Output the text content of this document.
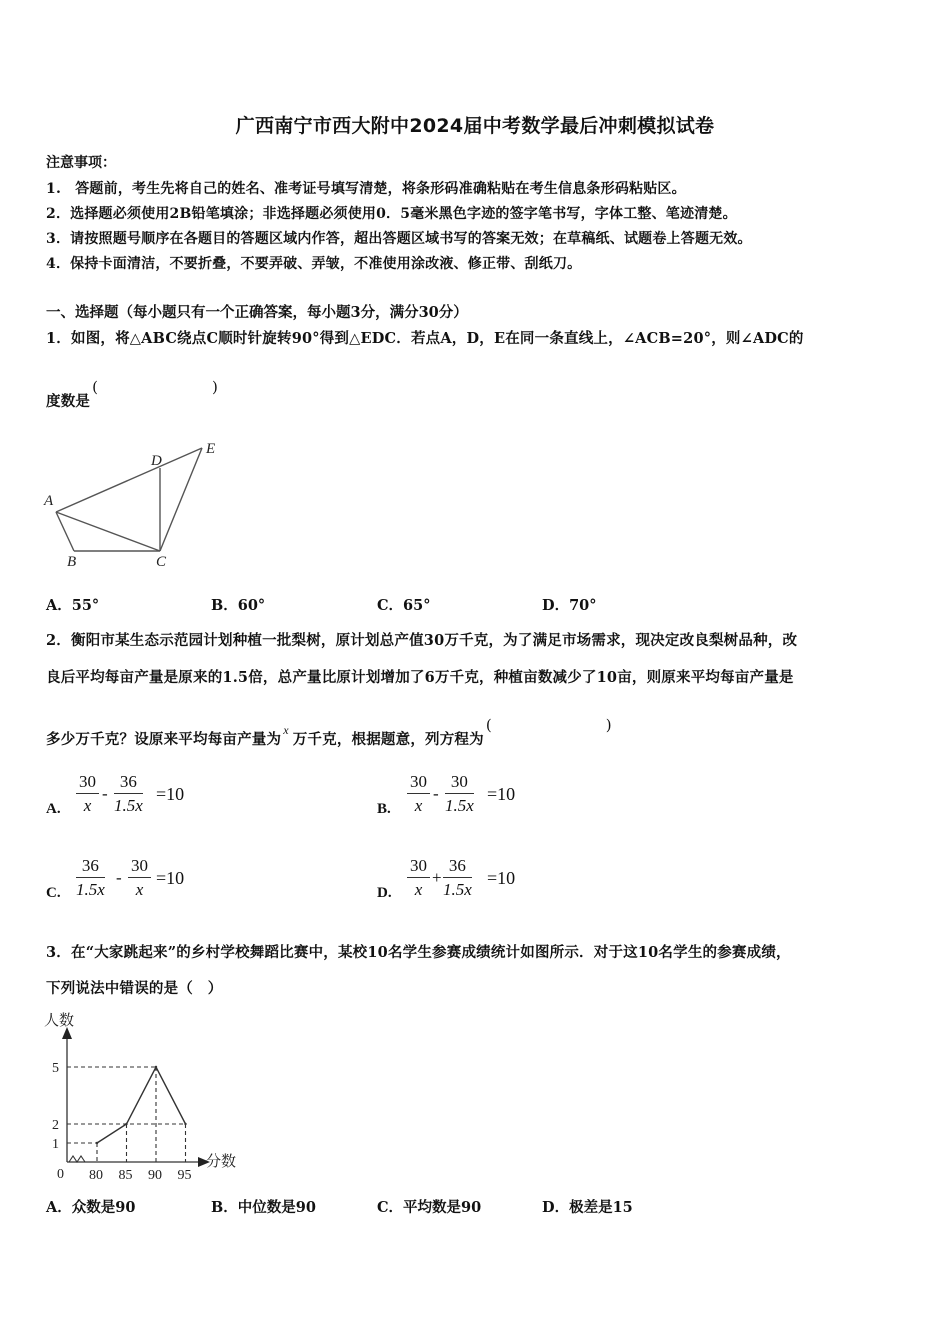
广西南宁市西大附中2024届中考数学最后冲刺模拟试卷
注意事项：
1.　答题前，考生先将自己的姓名、准考证号填写清楚，将条形码准确粘贴在考生信息条形码粘贴区。
2．选择题必须使用2B铅笔填涂；非选择题必须使用0．5毫米黑色字迹的签字笔书写，字体工整、笔迹清楚。
3．请按照题号顺序在各题目的答题区域内作答，超出答题区域书写的答案无效；在草稿纸、试题卷上答题无效。
4．保持卡面清洁，不要折叠，不要弄破、弄皱，不准使用涂改液、修正带、刮纸刀。
一、选择题（每小题只有一个正确答案，每小题3分，满分30分）
1．如图，将△ABC绕点C顺时针旋转90°得到△EDC．若点A，D，E在同一条直线上，∠ACB=20°，则∠ADC的
度数是(　　)
A
B	C
D
E
A．55°	B．60°	C．65°	D．70°
2．衡阳市某生态示范园计划种植一批梨树，原计划总产值30万千克，为了满足市场需求，现决定改良梨树品种，改
良后平均每亩产量是原来的1.5倍，总产量比原计划增加了6万千克，种植亩数减少了10亩，则原来平均每亩产量是
多少万千克？设原来平均每亩产量为$^x$万千克，根据题意，列方程为(　　)
A. $\frac{30}{x} - \frac{36}{1.5x} =10$
B. $\frac{30}{x} - \frac{30}{1.5x} =10$
C. $\frac{36}{1.5x} - \frac{30}{x} =10$
D. $\frac{30}{x} + \frac{36}{1.5x} =10$
3．在“大家跳起来”的乡村学校舞蹈比赛中，某校10名学生参赛成绩统计如图所示．对于这10名学生的参赛成绩，
下列说法中错误的是（　）
人数
分数
0 80 85 90 95
1
2
5
A．众数是90	B．中位数是90	C．平均数是90	D．极差是15
